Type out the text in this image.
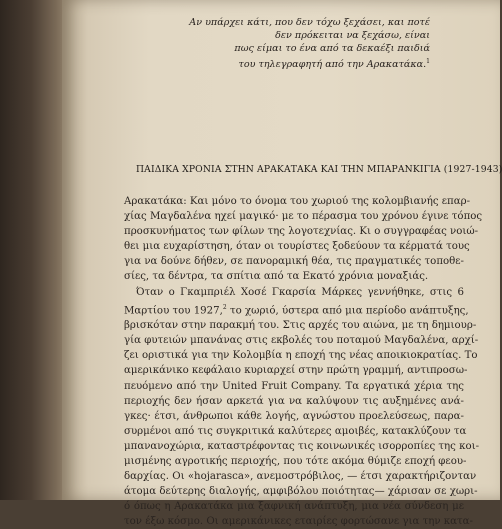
Αν υπάρχει κάτι, που δεν τόχω ξεχάσει, και ποτέ
δεν πρόκειται να ξεχάσω, είναι
πως είμαι το ένα από τα δεκαέξι παιδιά
του τηλεγραφητή από την Αρακατάκα.$^1$
ΠΑΙΔΙΚΑ ΧΡΟΝΙΑ ΣΤΗΝ ΑΡΑΚΑΤΑΚΑ ΚΑΙ ΤΗΝ ΜΠΑΡΑΝΚΙΓΙΑ (1927-1943)

Αρακατάκα: Και μόνο το όνομα του χωριού της κολομβιανής επαρ-
χίας Μαγδαλένα ηχεί μαγικό· με το πέρασμα του χρόνου έγινε τόπος
προσκυνήματος των φίλων της λογοτεχνίας. Κι ο συγγραφέας νοιώ-
θει μια ευχαρίστηση, όταν οι τουρίστες ξοδεύουν τα κέρματά τους
για να δούνε δήθεν, σε πανοραμική θέα, τις πραγματικές τοποθε-
σίες, τα δέντρα, τα σπίτια από τα Εκατό χρόνια μοναξιάς.

Όταν ο Γκαμπριέλ Χοσέ Γκαρσία Μάρκες γεννήθηκε, στις 6
Μαρτίου του 1927,$^2$ το χωριό, ύστερα από μια περίοδο ανάπτυξης,
βρισκόταν στην παρακμή του. Στις αρχές του αιώνα, με τη δημιουρ-
γία φυτειών μπανάνας στις εκβολές του ποταμού Μαγδαλένα, αρχί-
ζει οριστικά για την Κολομβία η εποχή της νέας αποικιοκρατίας. Το
αμερικάνικο κεφάλαιο κυριαρχεί στην πρώτη γραμμή, αντιπροσω-
πευόμενο από την United Fruit Company. Τα εργατικά χέρια της
περιοχής δεν ήσαν αρκετά για να καλύψουν τις αυξημένες ανά-
γκες· έτσι, άνθρωποι κάθε λογής, αγνώστου προελεύσεως, παρα-
συρμένοι από τις συγκριτικά καλύτερες αμοιβές, κατακλύζουν τα
μπανανοχώρια, καταστρέφοντας τις κοινωνικές ισορροπίες της κοι-
μισμένης αγροτικής περιοχής, που τότε ακόμα θύμιζε εποχή φεου-
δαρχίας. Οι «hojarasca», ανεμοστρόβιλος, — έτσι χαρακτήριζονταν
άτομα δεύτερης διαλογής, αμφιβόλου ποιότητας— χάρισαν σε χωρι-
ό όπως η Αρακατάκα μια ξαφνική ανάπτυξη, μια νέα σύνδεση με
τον έξω κόσμο. Οι αμερικάνικες εταιρίες φορτώσανε για την κατα-
